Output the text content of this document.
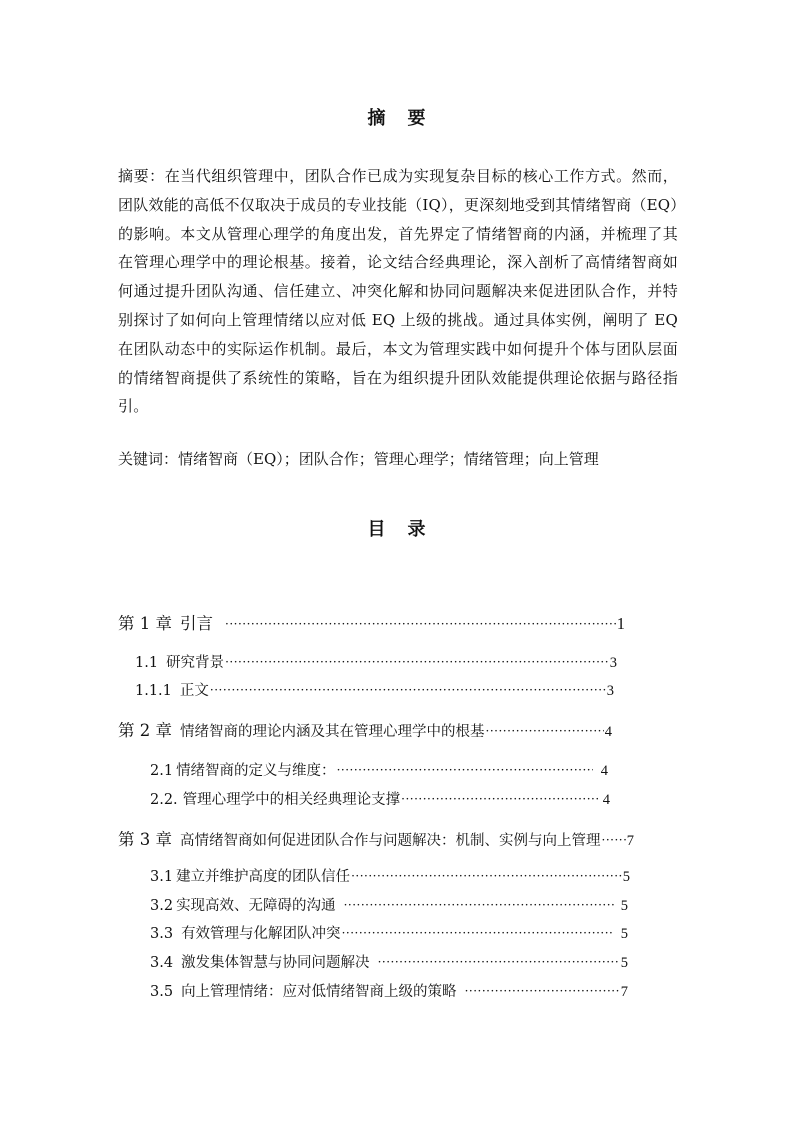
摘 要

摘要：在当代组织管理中，团队合作已成为实现复杂目标的核心工作方式。然而，团队效能的高低不仅取决于成员的专业技能（IQ），更深刻地受到其情绪智商（EQ）的影响。本文从管理心理学的角度出发，首先界定了情绪智商的内涵，并梳理了其在管理心理学中的理论根基。接着，论文结合经典理论，深入剖析了高情绪智商如何通过提升团队沟通、信任建立、冲突化解和协同问题解决来促进团队合作，并特别探讨了如何向上管理情绪以应对低 EQ 上级的挑战。通过具体实例，阐明了 EQ 在团队动态中的实际运作机制。最后，本文为管理实践中如何提升个体与团队层面的情绪智商提供了系统性的策略，旨在为组织提升团队效能提供理论依据与路径指引。

关键词：情绪智商（EQ）；团队合作；管理心理学；情绪管理；向上管理
目 录
第 1 章 引言 ·····	1
1.1 研究背景 ·····	3
1.1.1 正文 ·····	3
第 2 章 情绪智商的理论内涵及其在管理心理学中的根基 ·····	4
2.1 情绪智商的定义与维度： ·····	4
2.2. 管理心理学中的相关经典理论支撑 ·····	4
第 3 章 高情绪智商如何促进团队合作与问题解决：机制、实例与向上管理 ····· 7
3.1 建立并维护高度的团队信任 ·····	5
3.2 实现高效、无障碍的沟通 ·····	5
3.3 有效管理与化解团队冲突 ·····	5
3.4 激发集体智慧与协同问题解决 ·····	5
3.5 向上管理情绪：应对低情绪智商上级的策略 ·····	7
